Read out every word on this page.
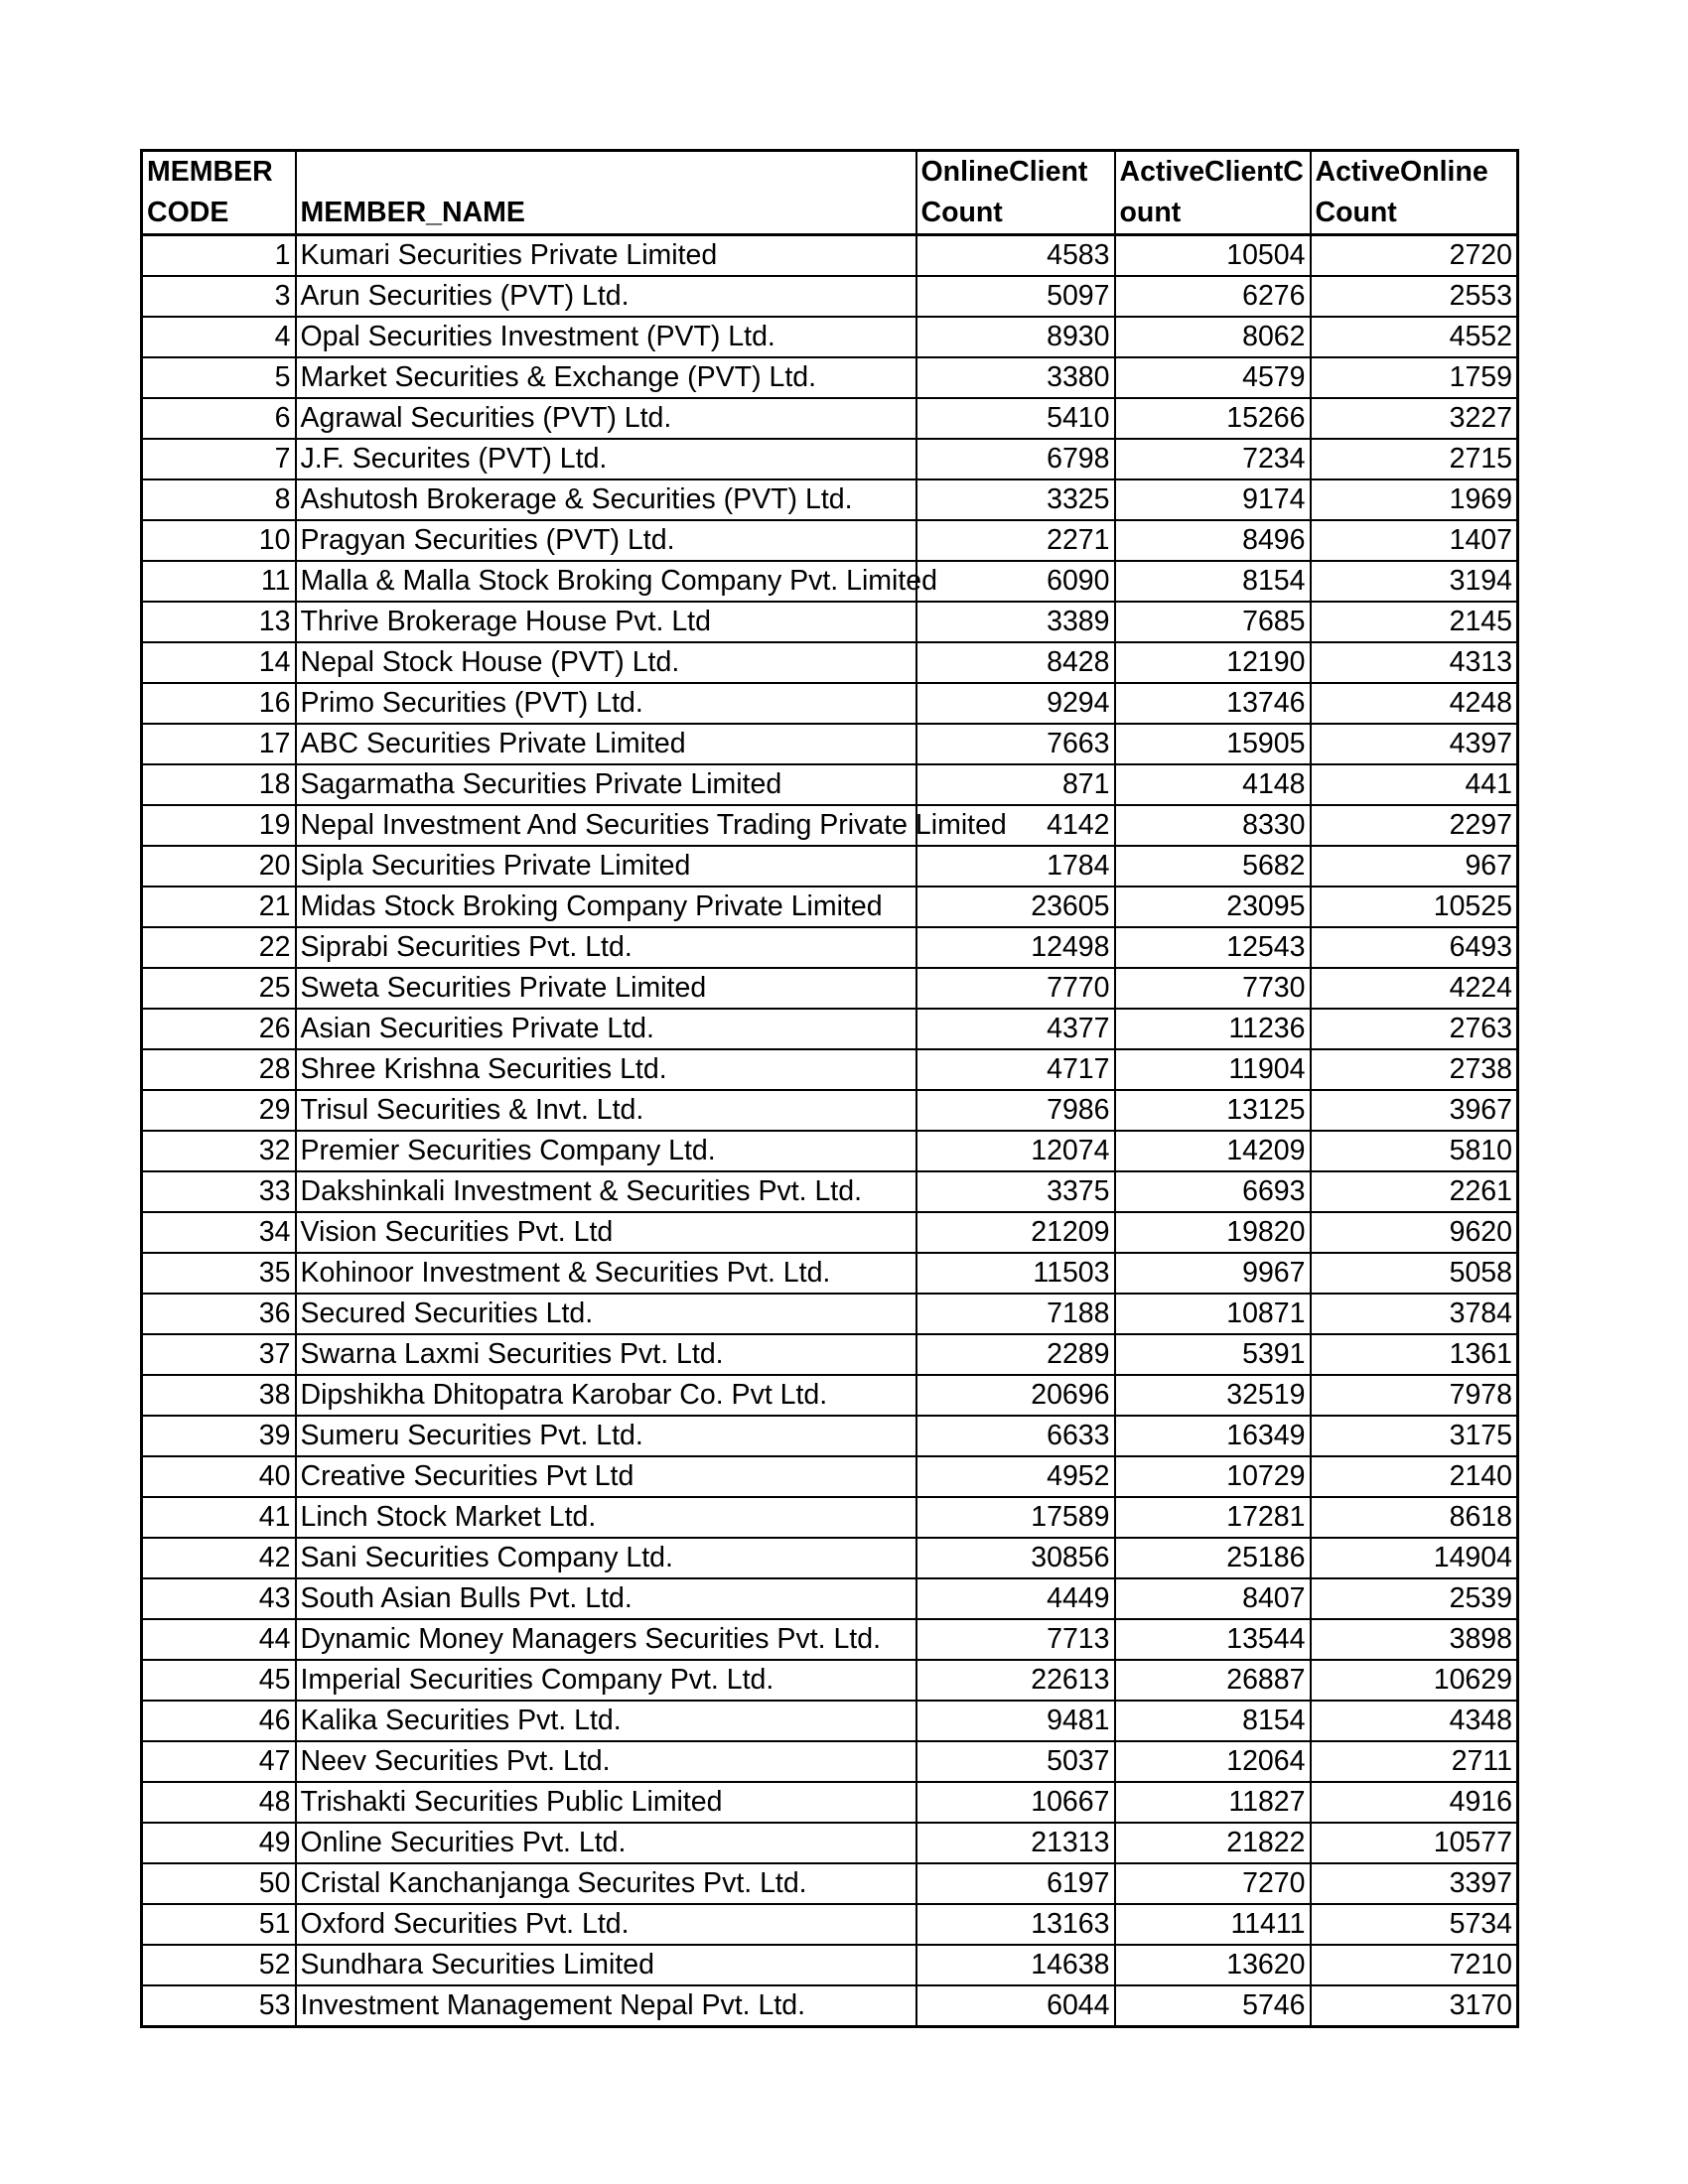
MEMBER CODE	MEMBER_NAME	OnlineClient Count	ActiveClientC ount	ActiveOnline Count
1	Kumari Securities Private Limited	4583	10504	2720
3	Arun Securities (PVT) Ltd.	5097	6276	2553
4	Opal Securities Investment (PVT) Ltd.	8930	8062	4552
5	Market Securities & Exchange (PVT) Ltd.	3380	4579	1759
6	Agrawal Securities (PVT) Ltd.	5410	15266	3227
7	J.F. Securites (PVT) Ltd.	6798	7234	2715
8	Ashutosh Brokerage & Securities (PVT) Ltd.	3325	9174	1969
10	Pragyan Securities (PVT) Ltd.	2271	8496	1407
11	Malla & Malla Stock Broking Company Pvt. Limited	6090	8154	3194
13	Thrive Brokerage House Pvt. Ltd	3389	7685	2145
14	Nepal Stock House (PVT) Ltd.	8428	12190	4313
16	Primo Securities (PVT) Ltd.	9294	13746	4248
17	ABC Securities Private Limited	7663	15905	4397
18	Sagarmatha Securities Private Limited	871	4148	441
19	Nepal Investment And Securities Trading Private Limited	4142	8330	2297
20	Sipla Securities Private Limited	1784	5682	967
21	Midas Stock Broking Company Private Limited	23605	23095	10525
22	Siprabi Securities Pvt. Ltd.	12498	12543	6493
25	Sweta Securities Private Limited	7770	7730	4224
26	Asian Securities Private Ltd.	4377	11236	2763
28	Shree Krishna Securities Ltd.	4717	11904	2738
29	Trisul Securities & Invt. Ltd.	7986	13125	3967
32	Premier Securities Company Ltd.	12074	14209	5810
33	Dakshinkali Investment & Securities Pvt. Ltd.	3375	6693	2261
34	Vision Securities Pvt. Ltd	21209	19820	9620
35	Kohinoor Investment & Securities Pvt. Ltd.	11503	9967	5058
36	Secured Securities Ltd.	7188	10871	3784
37	Swarna Laxmi Securities Pvt. Ltd.	2289	5391	1361
38	Dipshikha Dhitopatra Karobar Co. Pvt Ltd.	20696	32519	7978
39	Sumeru Securities Pvt. Ltd.	6633	16349	3175
40	Creative Securities Pvt Ltd	4952	10729	2140
41	Linch Stock Market Ltd.	17589	17281	8618
42	Sani Securities Company Ltd.	30856	25186	14904
43	South Asian Bulls Pvt. Ltd.	4449	8407	2539
44	Dynamic Money Managers Securities Pvt. Ltd.	7713	13544	3898
45	Imperial Securities Company Pvt. Ltd.	22613	26887	10629
46	Kalika Securities Pvt. Ltd.	9481	8154	4348
47	Neev Securities Pvt. Ltd.	5037	12064	2711
48	Trishakti Securities Public Limited	10667	11827	4916
49	Online Securities Pvt. Ltd.	21313	21822	10577
50	Cristal Kanchanjanga Securites Pvt. Ltd.	6197	7270	3397
51	Oxford Securities Pvt. Ltd.	13163	11411	5734
52	Sundhara Securities Limited	14638	13620	7210
53	Investment Management Nepal Pvt. Ltd.	6044	5746	3170
